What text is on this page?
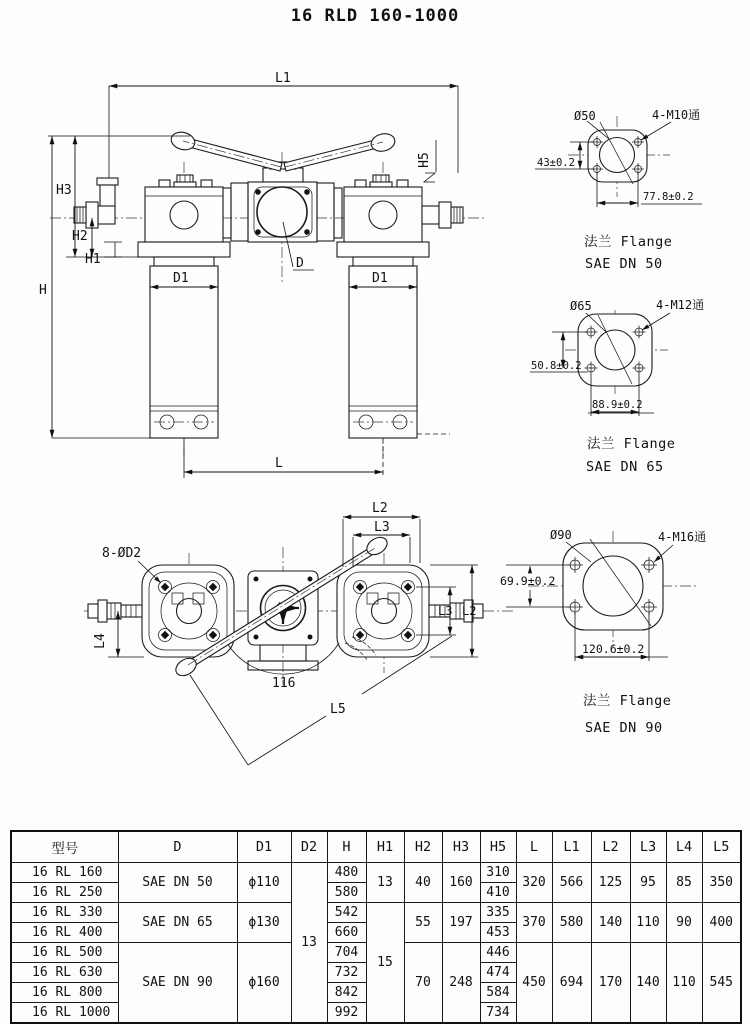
16 RLD 160-1000
L1
H
H3
H2
H1
H5
D1	D1
D
L
8-ØD2
L2
L3
L3 L2
L4
116
L5
Ø50	4-M10通
43±0.2
77.8±0.2
法兰 Flange
SAE DN 50
Ø65	4-M12通
50.8±0.2
88.9±0.2
法兰 Flange
SAE DN 65
Ø90	4-M16通
69.9±0.2
120.6±0.2
法兰 Flange
SAE DN 90
型号	D	D1	D2	H	H1	H2	H3	H5	L	L1	L2	L3	L4	L5
16 RL 160	SAE DN 50	ϕ110	13	480	13	40	160	310	320	566	125	95	85	350
16 RL 250				580				410						
16 RL 330	SAE DN 65	ϕ130		542	15	55	197	335	370	580	140	110	90	400
16 RL 400				660				453						
16 RL 500	SAE DN 90	ϕ160		704		70	248	446	450	694	170	140	110	545
16 RL 630				732				474						
16 RL 800				842				584						
16 RL 1000				992				734						
